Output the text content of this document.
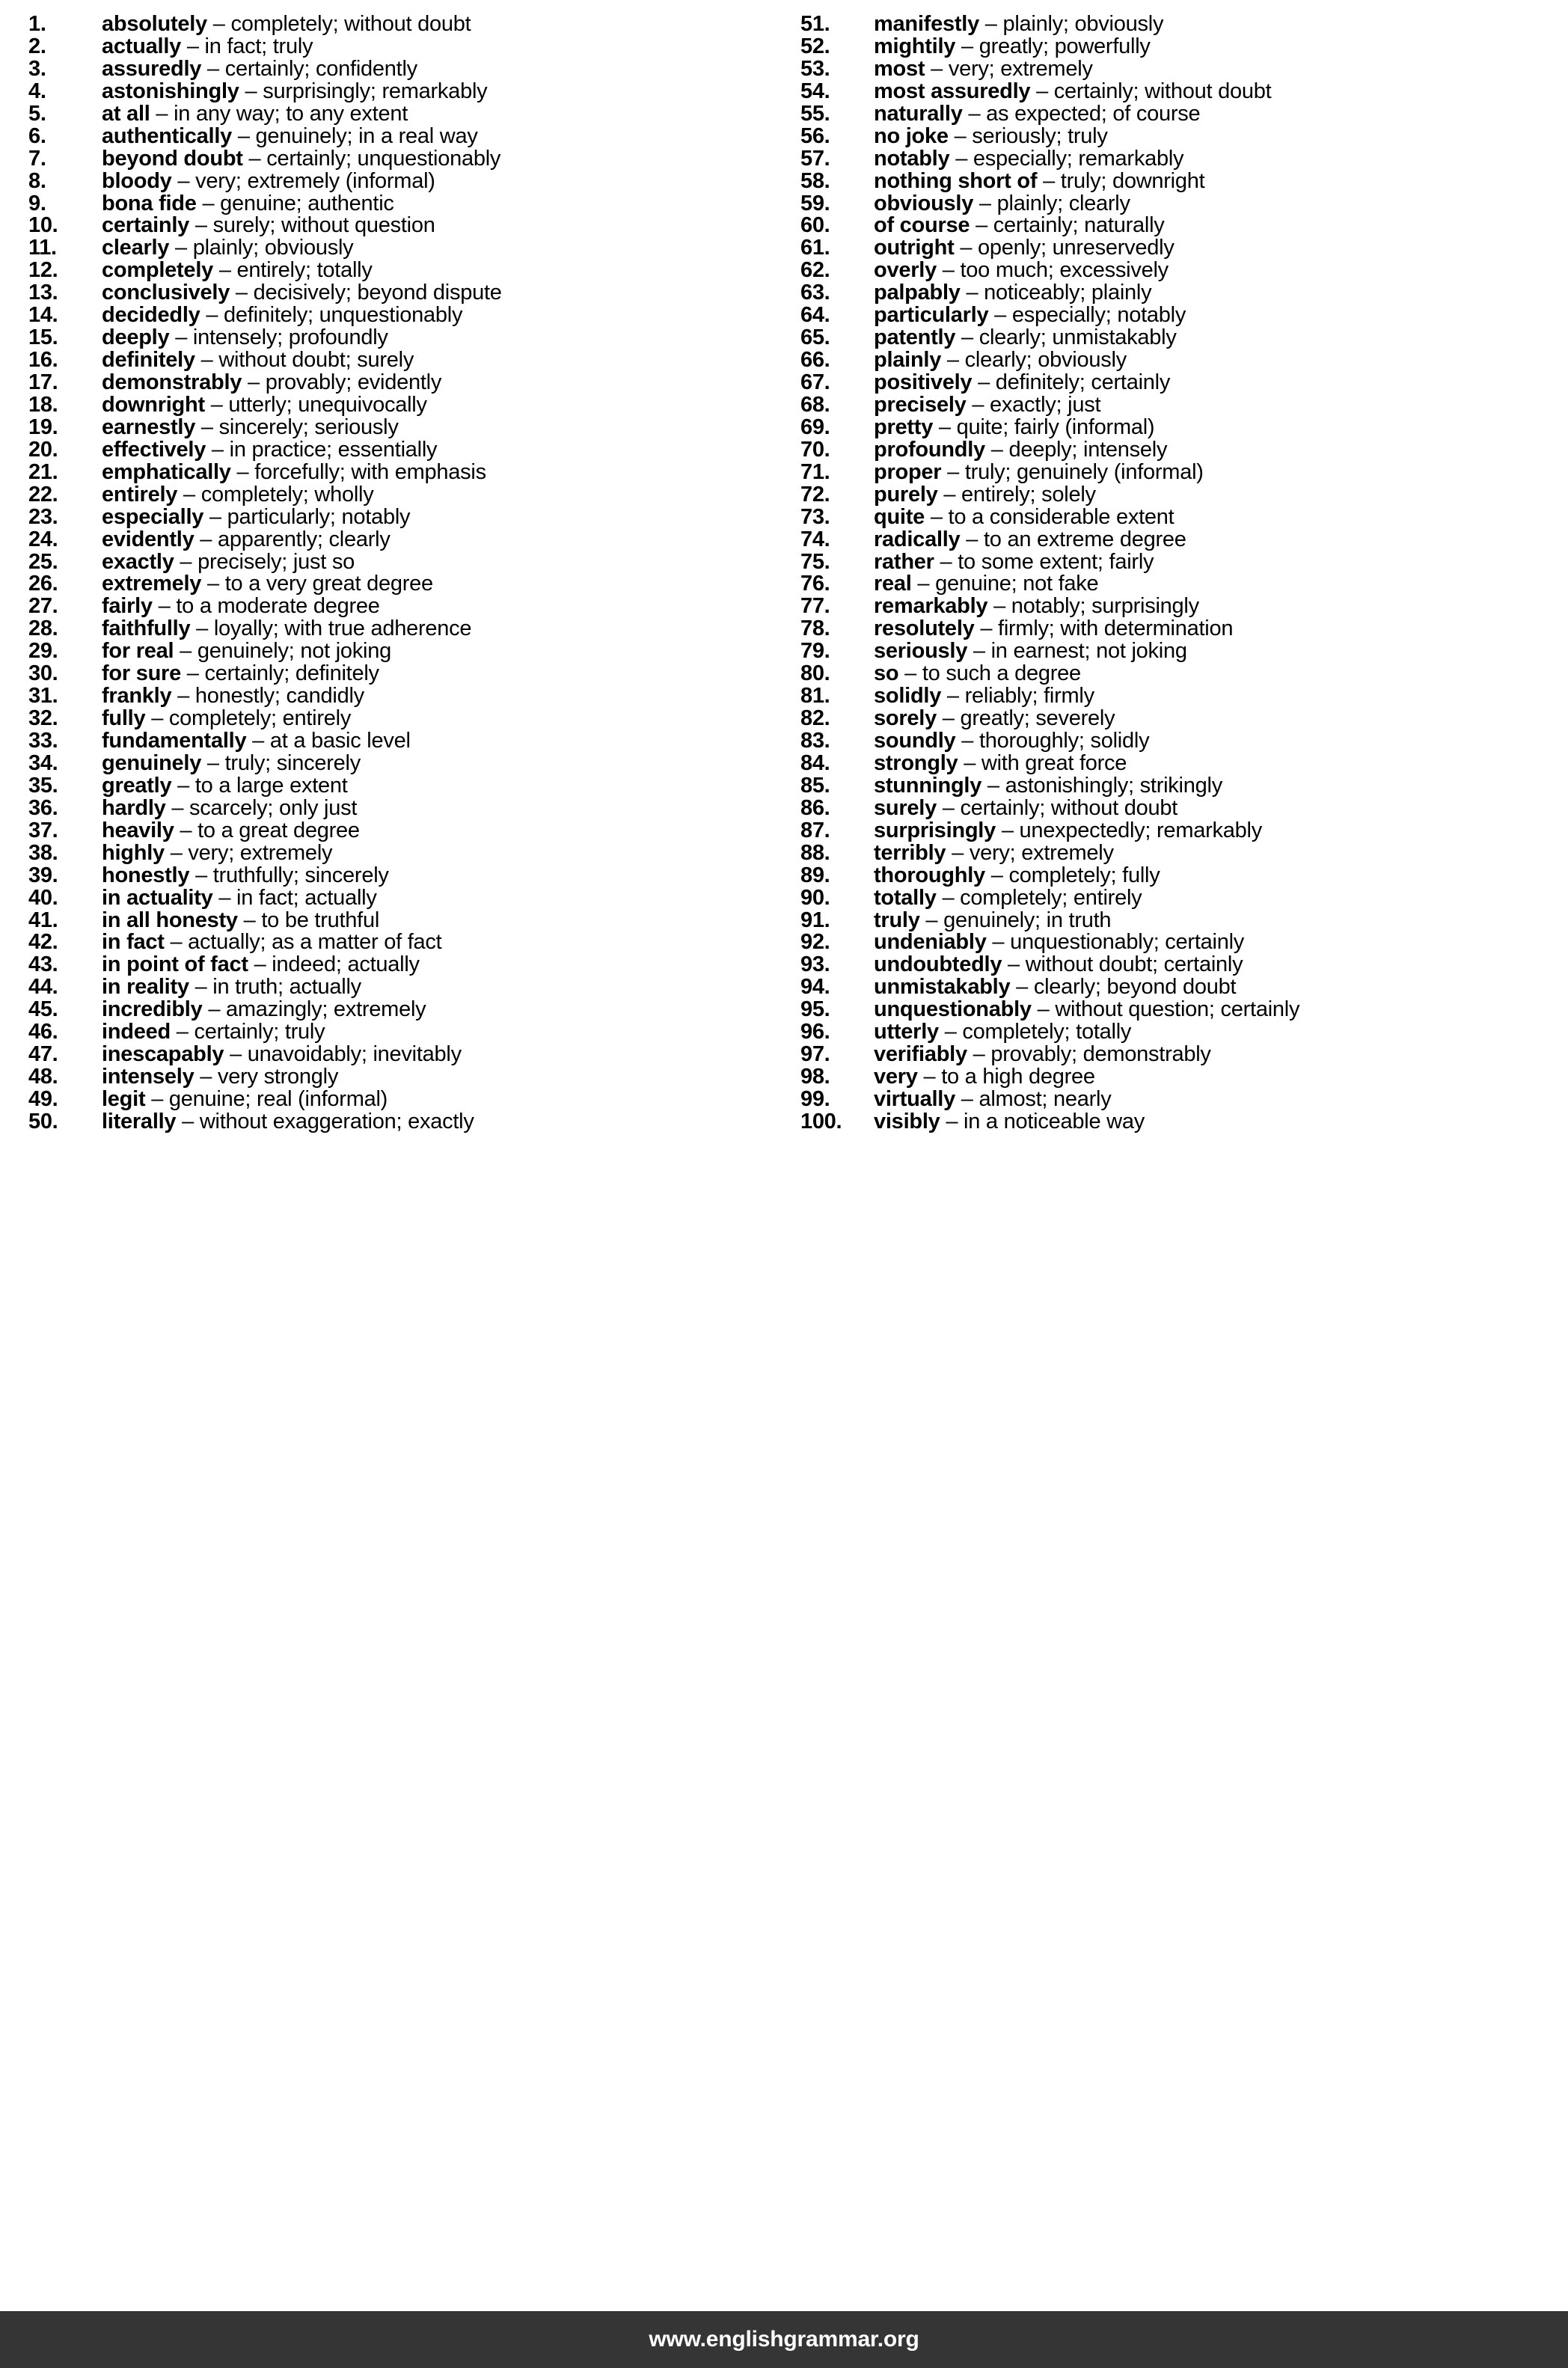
1.	absolutely – completely; without doubt
2.	actually – in fact; truly
3.	assuredly – certainly; confidently
4.	astonishingly – surprisingly; remarkably
5.	at all – in any way; to any extent
6.	authentically – genuinely; in a real way
7.	beyond doubt – certainly; unquestionably
8.	bloody – very; extremely (informal)
9.	bona fide – genuine; authentic
10.	certainly – surely; without question
11.	clearly – plainly; obviously
12.	completely – entirely; totally
13.	conclusively – decisively; beyond dispute
14.	decidedly – definitely; unquestionably
15.	deeply – intensely; profoundly
16.	definitely – without doubt; surely
17.	demonstrably – provably; evidently
18.	downright – utterly; unequivocally
19.	earnestly – sincerely; seriously
20.	effectively – in practice; essentially
21.	emphatically – forcefully; with emphasis
22.	entirely – completely; wholly
23.	especially – particularly; notably
24.	evidently – apparently; clearly
25.	exactly – precisely; just so
26.	extremely – to a very great degree
27.	fairly – to a moderate degree
28.	faithfully – loyally; with true adherence
29.	for real – genuinely; not joking
30.	for sure – certainly; definitely
31.	frankly – honestly; candidly
32.	fully – completely; entirely
33.	fundamentally – at a basic level
34.	genuinely – truly; sincerely
35.	greatly – to a large extent
36.	hardly – scarcely; only just
37.	heavily – to a great degree
38.	highly – very; extremely
39.	honestly – truthfully; sincerely
40.	in actuality – in fact; actually
41.	in all honesty – to be truthful
42.	in fact – actually; as a matter of fact
43.	in point of fact – indeed; actually
44.	in reality – in truth; actually
45.	incredibly – amazingly; extremely
46.	indeed – certainly; truly
47.	inescapably – unavoidably; inevitably
48.	intensely – very strongly
49.	legit – genuine; real (informal)
50.	literally – without exaggeration; exactly
51.	manifestly – plainly; obviously
52.	mightily – greatly; powerfully
53.	most – very; extremely
54.	most assuredly – certainly; without doubt
55.	naturally – as expected; of course
56.	no joke – seriously; truly
57.	notably – especially; remarkably
58.	nothing short of – truly; downright
59.	obviously – plainly; clearly
60.	of course – certainly; naturally
61.	outright – openly; unreservedly
62.	overly – too much; excessively
63.	palpably – noticeably; plainly
64.	particularly – especially; notably
65.	patently – clearly; unmistakably
66.	plainly – clearly; obviously
67.	positively – definitely; certainly
68.	precisely – exactly; just
69.	pretty – quite; fairly (informal)
70.	profoundly – deeply; intensely
71.	proper – truly; genuinely (informal)
72.	purely – entirely; solely
73.	quite – to a considerable extent
74.	radically – to an extreme degree
75.	rather – to some extent; fairly
76.	real – genuine; not fake
77.	remarkably – notably; surprisingly
78.	resolutely – firmly; with determination
79.	seriously – in earnest; not joking
80.	so – to such a degree
81.	solidly – reliably; firmly
82.	sorely – greatly; severely
83.	soundly – thoroughly; solidly
84.	strongly – with great force
85.	stunningly – astonishingly; strikingly
86.	surely – certainly; without doubt
87.	surprisingly – unexpectedly; remarkably
88.	terribly – very; extremely
89.	thoroughly – completely; fully
90.	totally – completely; entirely
91.	truly – genuinely; in truth
92.	undeniably – unquestionably; certainly
93.	undoubtedly – without doubt; certainly
94.	unmistakably – clearly; beyond doubt
95.	unquestionably – without question; certainly
96.	utterly – completely; totally
97.	verifiably – provably; demonstrably
98.	very – to a high degree
99.	virtually – almost; nearly
100.	visibly – in a noticeable way
www.englishgrammar.org
